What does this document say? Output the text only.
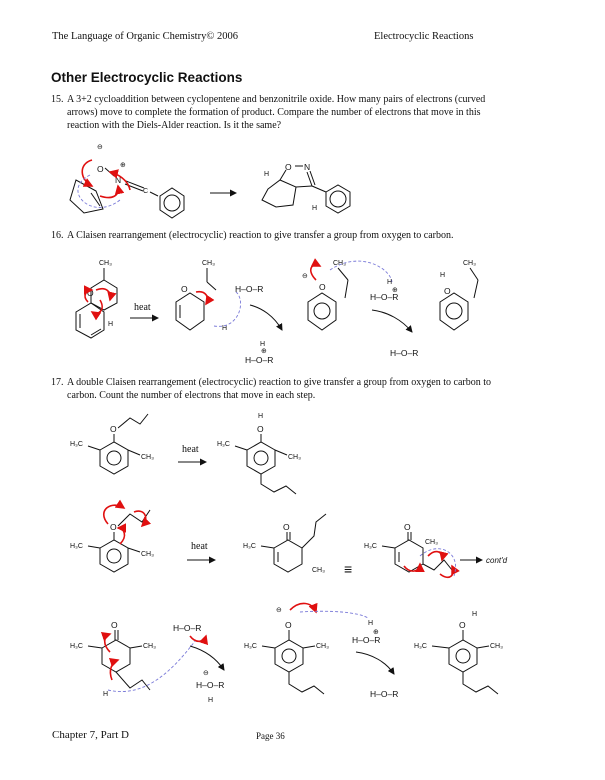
The Language of Organic Chemistry© 2006	Electrocyclic Reactions
Other Electrocyclic Reactions
15. A 3+2 cycloaddition between cyclopentene and benzonitrile oxide. How many pairs of electrons (curved
arrows) move to complete the formation of product. Compare the number of electrons that move in this
reaction with the Diels-Alder reaction. Is it the same?
16. A Claisen rearrangement (electrocyclic) reaction to give transfer a group from oxygen to carbon.
17. A double Claisen rearrangement (electrocyclic) reaction to give transfer a group from oxygen to carbon to
carbon. Count the number of electrons that move in each step.
O
⊖
N
⊕
C
O N
H
H
CH₃
O
H
heat
CH₃
O
H
H–O–R
H
⊕
H–O–R
⊖
O
CH₃
H
⊕
H–O–R
H–O–R
H
O
CH₃
O
H₃C
CH₃
heat
H
O
H₃C
CH₃
O
H₃C
CH₃
heat
O
H₃C
CH₃ ≡
O
H₃C
CH₃
cont'd
O
H₃C	CH₃
H
H–O–R
⊖
H–O–R
H
⊖
O
H₃C	CH₃
H
⊕
H–O–R
H–O–R
H
O
H₃C	CH₃
Chapter 7, Part D	Page 36
